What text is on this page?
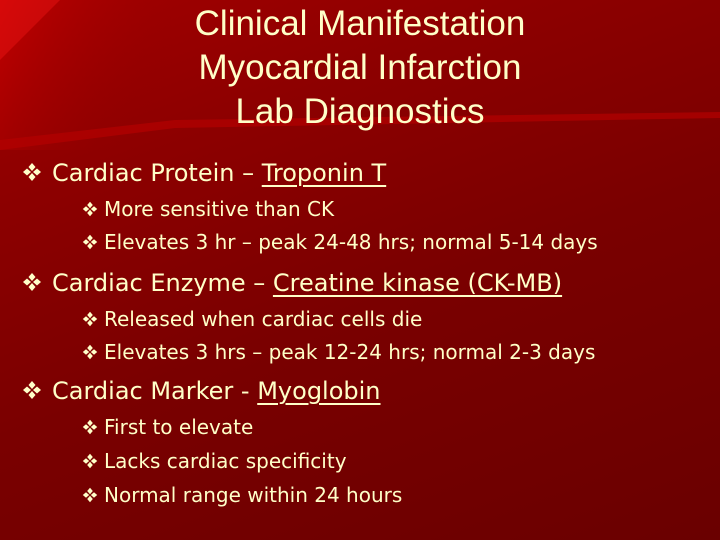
Clinical Manifestation
Myocardial Infarction
Lab Diagnostics
Cardiac Protein – Troponin T
More sensitive than CK
Elevates 3 hr – peak 24-48 hrs; normal 5-14 days
Cardiac Enzyme – Creatine kinase (CK-MB)
Released when cardiac cells die
Elevates 3 hrs – peak 12-24 hrs; normal 2-3 days
Cardiac Marker - Myoglobin
First to elevate
Lacks cardiac specificity
Normal range within 24 hours
